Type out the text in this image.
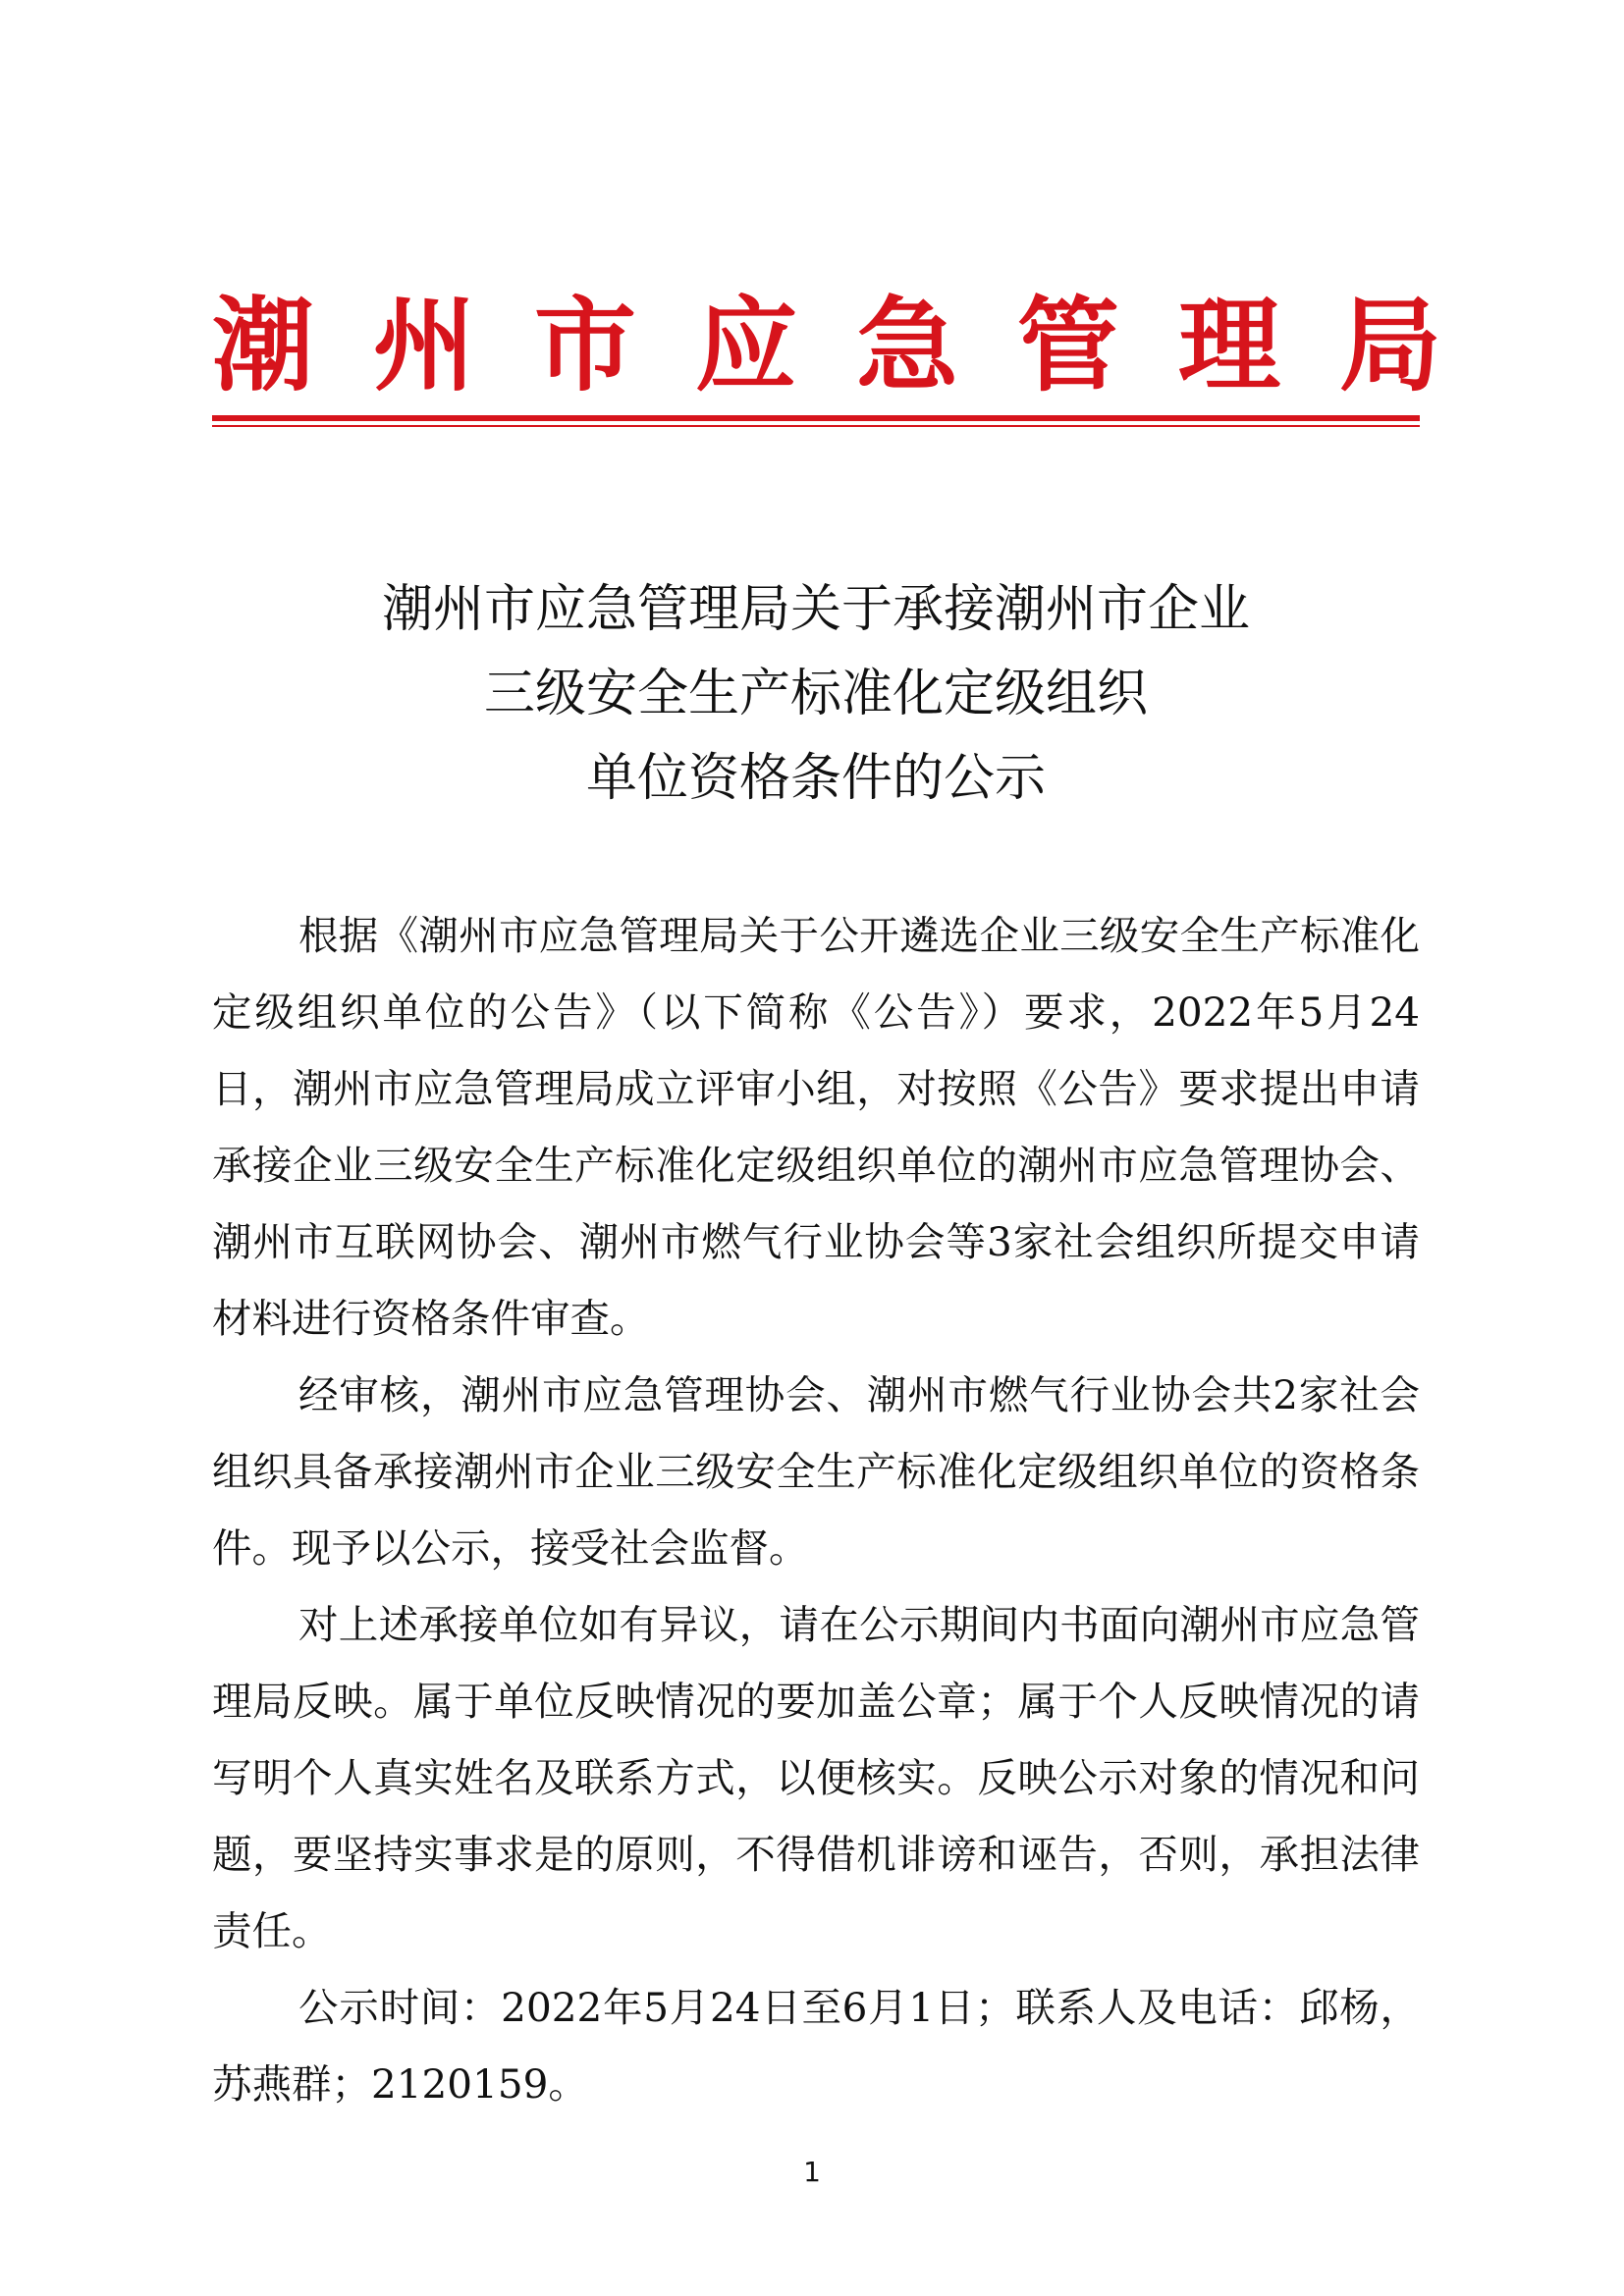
潮州市应急管理局
潮州市应急管理局关于承接潮州市企业
三级安全生产标准化定级组织
单位资格条件的公示

根据《潮州市应急管理局关于公开遴选企业三级安全生产标准化定级组织单位的公告》（以下简称《公告》）要求，2022年5月24日，潮州市应急管理局成立评审小组，对按照《公告》要求提出申请承接企业三级安全生产标准化定级组织单位的潮州市应急管理协会、潮州市互联网协会、潮州市燃气行业协会等3家社会组织所提交申请材料进行资格条件审查。

经审核，潮州市应急管理协会、潮州市燃气行业协会共2家社会组织具备承接潮州市企业三级安全生产标准化定级组织单位的资格条件。现予以公示，接受社会监督。

对上述承接单位如有异议，请在公示期间内书面向潮州市应急管理局反映。属于单位反映情况的要加盖公章；属于个人反映情况的请写明个人真实姓名及联系方式，以便核实。反映公示对象的情况和问题，要坚持实事求是的原则，不得借机诽谤和诬告，否则，承担法律责任。

公示时间：2022年5月24日至6月1日；联系人及电话：邱杨，苏燕群；2120159。

1
